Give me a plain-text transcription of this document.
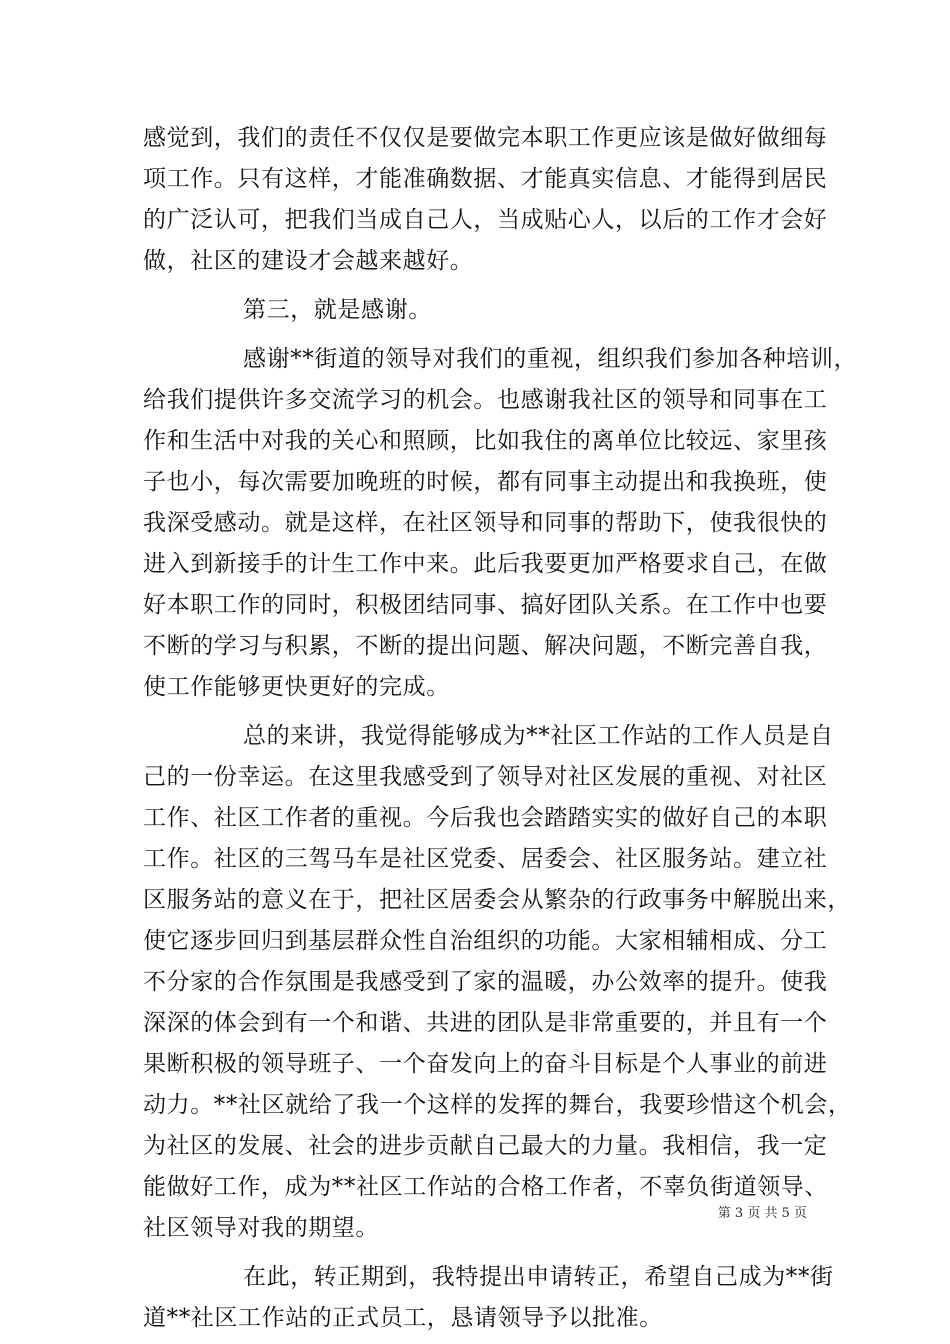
感觉到，我们的责任不仅仅是要做完本职工作更应该是做好做细每
项工作。只有这样，才能准确数据、才能真实信息、才能得到居民
的广泛认可，把我们当成自己人，当成贴心人，以后的工作才会好
做，社区的建设才会越来越好。
第三，就是感谢。
感谢**街道的领导对我们的重视，组织我们参加各种培训，
给我们提供许多交流学习的机会。也感谢我社区的领导和同事在工
作和生活中对我的关心和照顾，比如我住的离单位比较远、家里孩
子也小，每次需要加晚班的时候，都有同事主动提出和我换班，使
我深受感动。就是这样，在社区领导和同事的帮助下，使我很快的
进入到新接手的计生工作中来。此后我要更加严格要求自己，在做
好本职工作的同时，积极团结同事、搞好团队关系。在工作中也要
不断的学习与积累，不断的提出问题、解决问题，不断完善自我，
使工作能够更快更好的完成。
总的来讲，我觉得能够成为**社区工作站的工作人员是自
己的一份幸运。在这里我感受到了领导对社区发展的重视、对社区
工作、社区工作者的重视。今后我也会踏踏实实的做好自己的本职
工作。社区的三驾马车是社区党委、居委会、社区服务站。建立社
区服务站的意义在于，把社区居委会从繁杂的行政事务中解脱出来，
使它逐步回归到基层群众性自治组织的功能。大家相辅相成、分工
不分家的合作氛围是我感受到了家的温暖，办公效率的提升。使我
深深的体会到有一个和谐、共进的团队是非常重要的，并且有一个
果断积极的领导班子、一个奋发向上的奋斗目标是个人事业的前进
动力。**社区就给了我一个这样的发挥的舞台，我要珍惜这个机会，
为社区的发展、社会的进步贡献自己最大的力量。我相信，我一定
能做好工作，成为**社区工作站的合格工作者，不辜负街道领导、
社区领导对我的期望。
在此，转正期到，我特提出申请转正，希望自己成为**街
道**社区工作站的正式员工，恳请领导予以批准。
第 3 页 共 5 页
